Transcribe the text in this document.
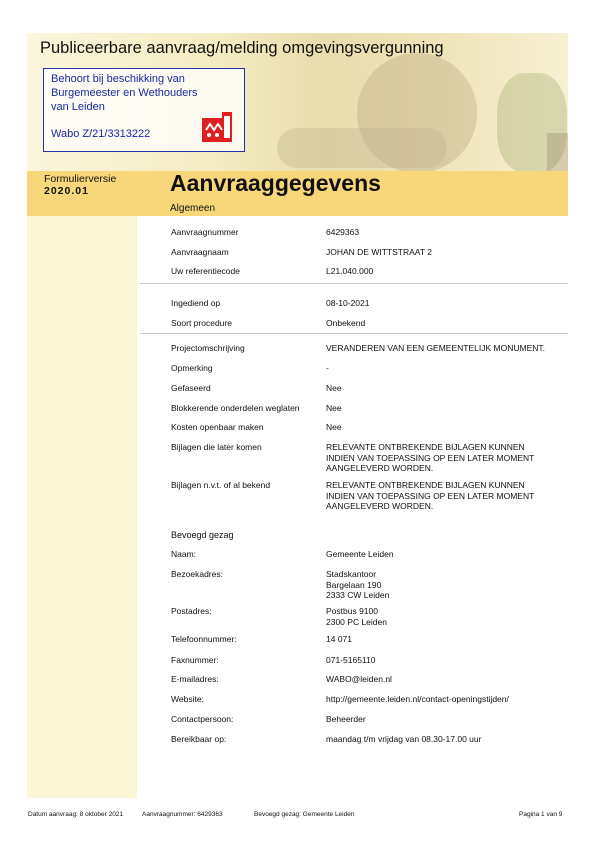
Publiceerbare aanvraag/melding omgevingsvergunning
Behoort bij beschikking van
Burgemeester en Wethouders
van Leiden
Wabo Z/21/3313222
Formulierversie
2020.01	Aanvraaggegevens
Algemeen
Aanvraagnummer	6429363
Aanvraagnaam	JOHAN DE WITTSTRAAT 2
Uw referentiecode	L21.040.000
Ingediend op	08-10-2021
Soort procedure	Onbekend
Projectomschrijving	VERANDEREN VAN EEN GEMEENTELIJK MONUMENT.
Opmerking	-
Gefaseerd	Nee
Blokkerende onderdelen weglaten	Nee
Kosten openbaar maken	Nee
Bijlagen die later komen	RELEVANTE ONTBREKENDE BIJLAGEN KUNNEN
INDIEN VAN TOEPASSING OP EEN LATER MOMENT
AANGELEVERD WORDEN.
Bijlagen n.v.t. of al bekend	RELEVANTE ONTBREKENDE BIJLAGEN KUNNEN
INDIEN VAN TOEPASSING OP EEN LATER MOMENT
AANGELEVERD WORDEN.
Bevoegd gezag
Naam:	Gemeente Leiden
Bezoekadres:	Stadskantoor
Bargelaan 190
2333 CW Leiden
Postadres:	Postbus 9100
2300 PC Leiden
Telefoonnummer:	14 071
Faxnummer:	071-5165110
E-mailadres:	WABO@leiden.nl
Website:	http://gemeente.leiden.nl/contact-openingstijden/
Contactpersoon:	Beheerder
Bereikbaar op:	maandag t/m vrijdag van 08.30-17.00 uur
Datum aanvraag: 8 oktober 2021	Aanvraagnummer: 6429363	Bevoegd gezag: Gemeente Leiden	Pagina 1 van 9
